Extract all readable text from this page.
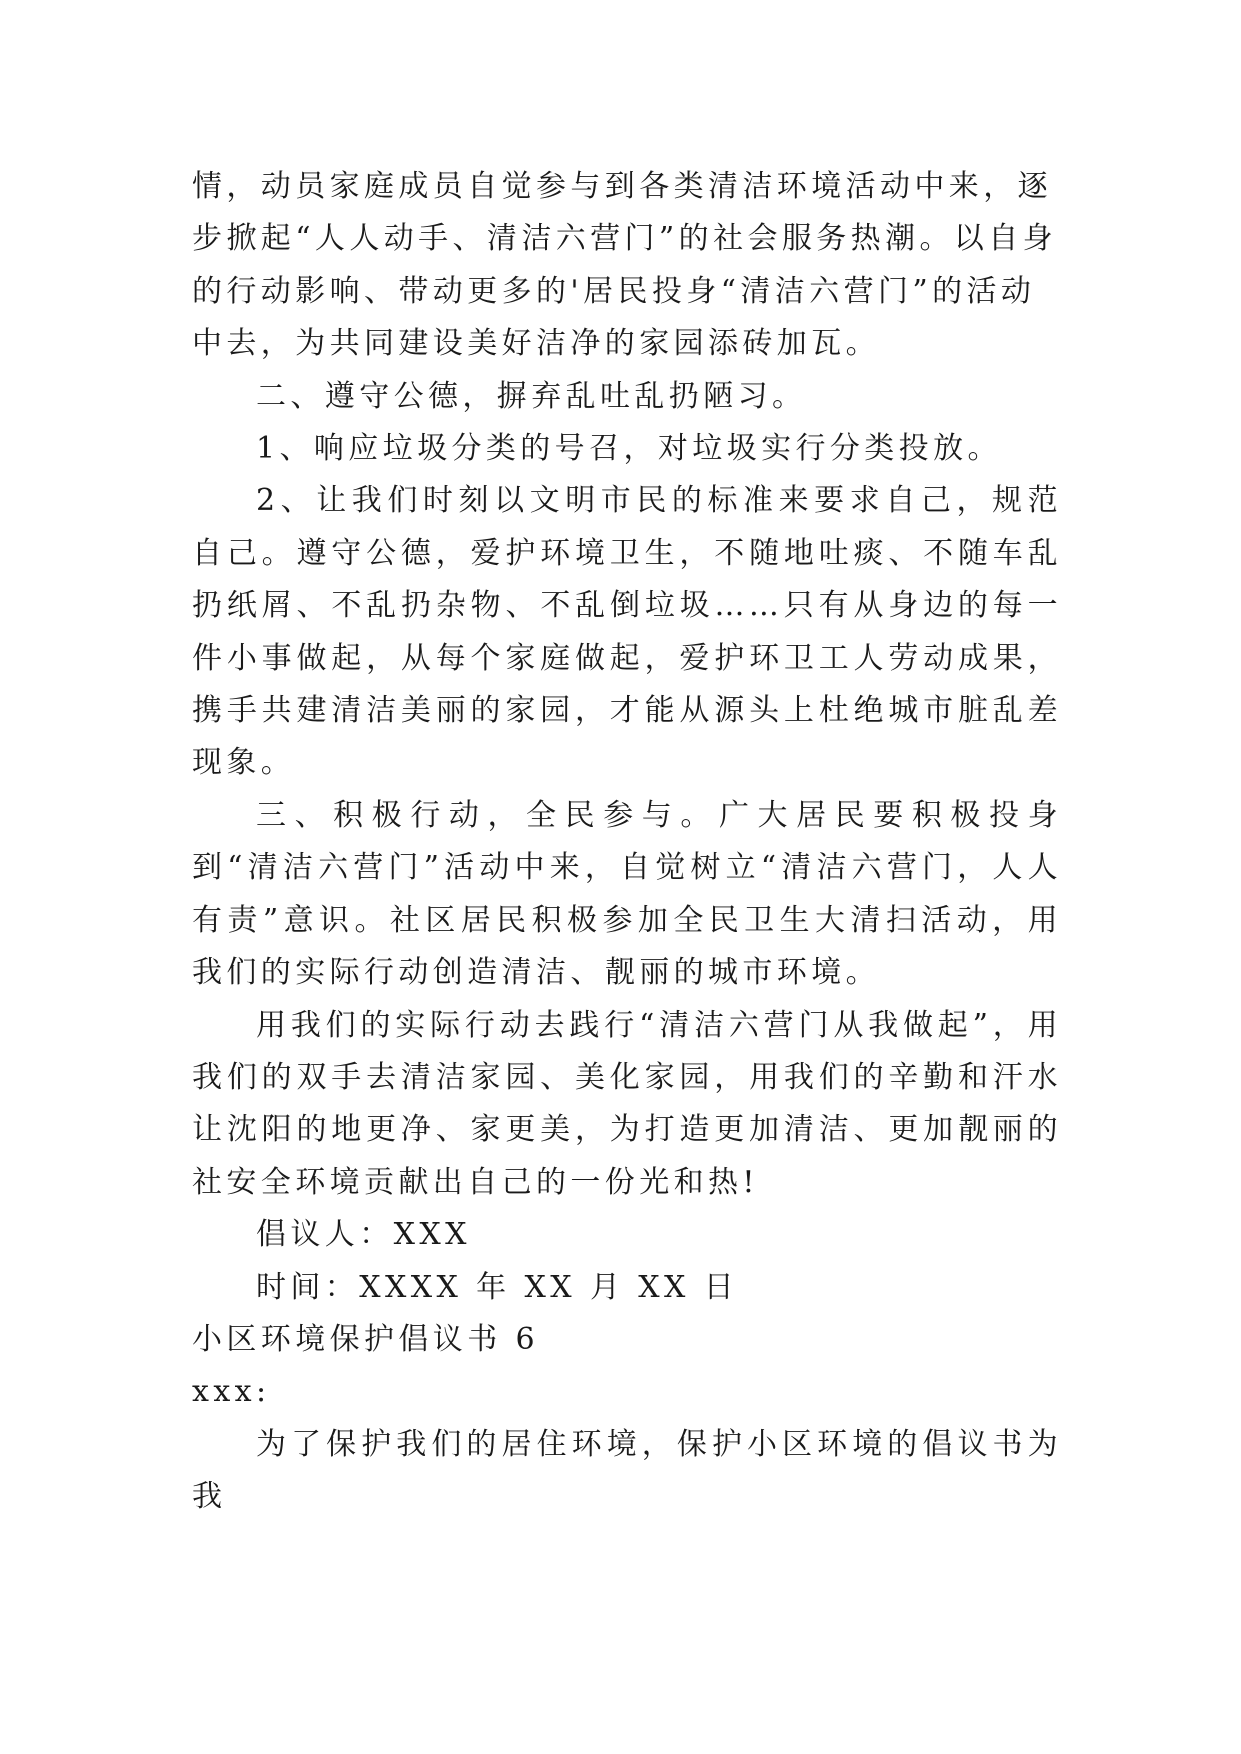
情，动员家庭成员自觉参与到各类清洁环境活动中来，逐步掀起“人人动手、清洁六营门”的社会服务热潮。以自身的行动影响、带动更多的'居民投身“清洁六营门”的活动中去，为共同建设美好洁净的家园添砖加瓦。

二、遵守公德，摒弃乱吐乱扔陋习。

1、响应垃圾分类的号召，对垃圾实行分类投放。

2、让我们时刻以文明市民的标准来要求自己，规范自己。遵守公德，爱护环境卫生，不随地吐痰、不随车乱扔纸屑、不乱扔杂物、不乱倒垃圾……只有从身边的每一件小事做起，从每个家庭做起，爱护环卫工人劳动成果，携手共建清洁美丽的家园，才能从源头上杜绝城市脏乱差现象。

三、积极行动，全民参与。广大居民要积极投身到“清洁六营门”活动中来，自觉树立“清洁六营门，人人有责”意识。社区居民积极参加全民卫生大清扫活动，用我们的实际行动创造清洁、靓丽的城市环境。

用我们的实际行动去践行“清洁六营门从我做起”，用我们的双手去清洁家园、美化家园，用我们的辛勤和汗水让沈阳的地更净、家更美，为打造更加清洁、更加靓丽的社安全环境贡献出自己的一份光和热!

倡议人：XXX

时间：XXXX 年 XX 月 XX 日

小区环境保护倡议书 6

xxx:

为了保护我们的居住环境，保护小区环境的倡议书为我
